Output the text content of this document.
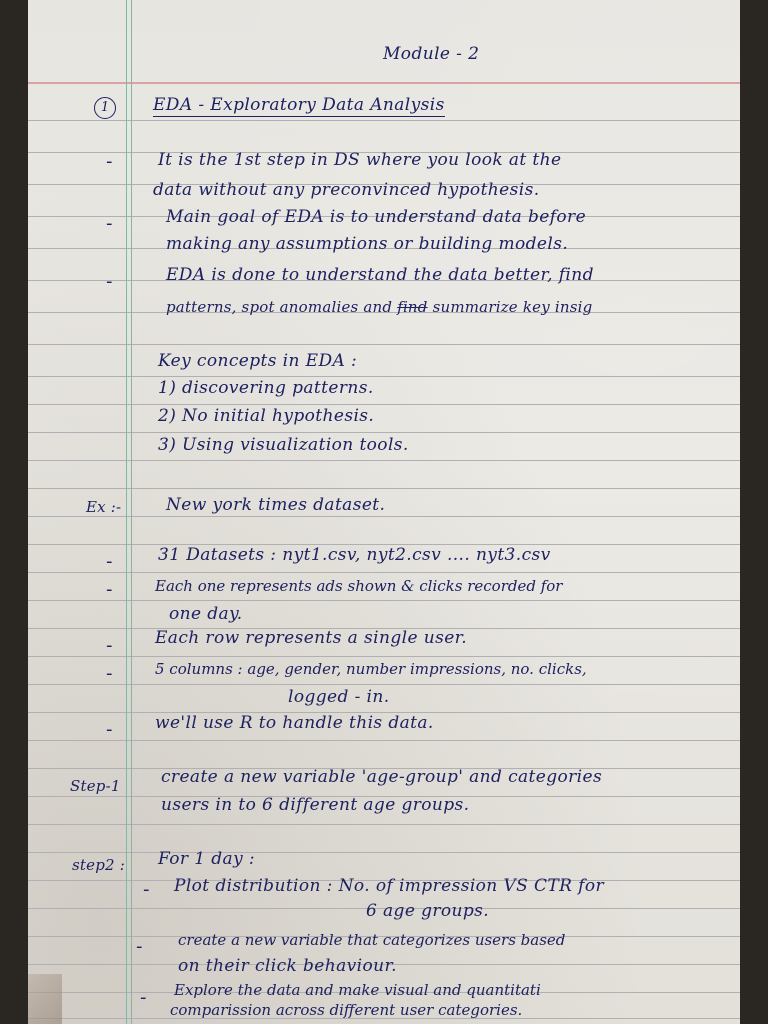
Module - 2
1	EDA - Exploratory Data Analysis
-	It is the 1st step in DS where you look at the
data without any preconvinced hypothesis.
-	Main goal of EDA is to understand data before
making any assumptions or building models.
-	EDA is done to understand the data better, find
patterns, spot anomalies and find summarize key insig
Key concepts in EDA :
1) discovering patterns.
2) No initial hypothesis.
3) Using visualization tools.
Ex :-	New york times dataset.
-	31 Datasets : nyt1.csv, nyt2.csv .... nyt3.csv
-	Each one represents ads shown & clicks recorded for
one day.
-	Each row represents a single user.
-	5 columns : age, gender, number impressions, no. clicks,
logged - in.
-	we'll use R to handle this data.
Step-1 create a new variable 'age-group' and categories
users in to 6 different age groups.
step2 : For 1 day :
- Plot distribution : No. of impression VS CTR for
6 age groups.
- create a new variable that categorizes users based
on their click behaviour.
- Explore the data and make visual and quantitati
comparission across different user categories.
